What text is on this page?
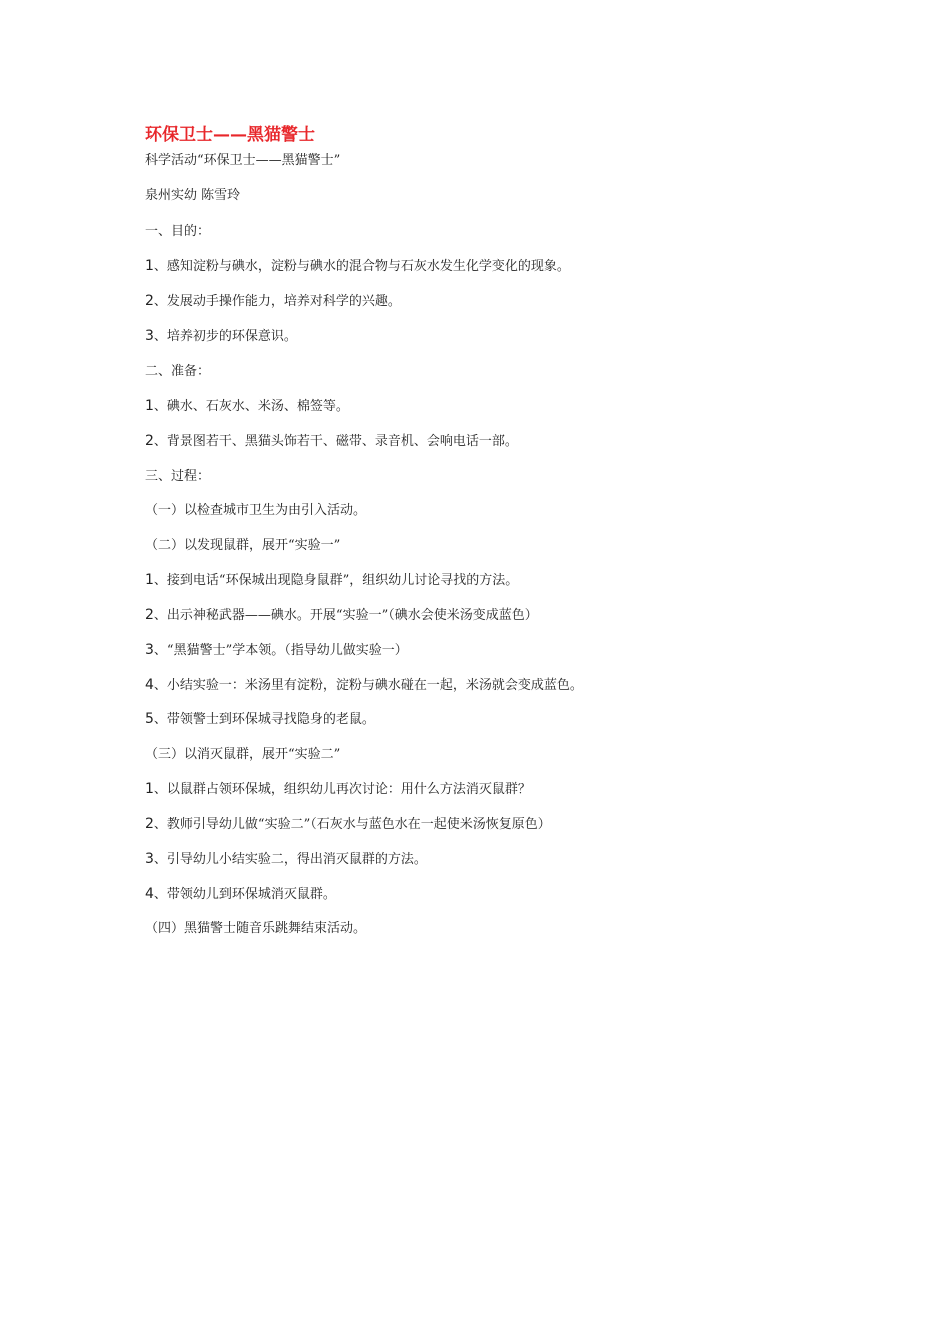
环保卫士——黑猫警士
科学活动“环保卫士——黑猫警士”
泉州实幼 陈雪玲
一、目的：
1、感知淀粉与碘水，淀粉与碘水的混合物与石灰水发生化学变化的现象。
2、发展动手操作能力，培养对科学的兴趣。
3、培养初步的环保意识。
二、准备：
1、碘水、石灰水、米汤、棉签等。
2、背景图若干、黑猫头饰若干、磁带、录音机、会响电话一部。
三、过程：
（一）以检查城市卫生为由引入活动。
（二）以发现鼠群，展开“实验一”
1、接到电话“环保城出现隐身鼠群”，组织幼儿讨论寻找的方法。
2、出示神秘武器——碘水。开展“实验一”（碘水会使米汤变成蓝色）
3、“黑猫警士”学本领。（指导幼儿做实验一）
4、小结实验一：米汤里有淀粉，淀粉与碘水碰在一起，米汤就会变成蓝色。
5、带领警士到环保城寻找隐身的老鼠。
（三）以消灭鼠群，展开“实验二”
1、以鼠群占领环保城，组织幼儿再次讨论：用什么方法消灭鼠群？
2、教师引导幼儿做“实验二”（石灰水与蓝色水在一起使米汤恢复原色）
3、引导幼儿小结实验二，得出消灭鼠群的方法。
4、带领幼儿到环保城消灭鼠群。
（四）黑猫警士随音乐跳舞结束活动。
